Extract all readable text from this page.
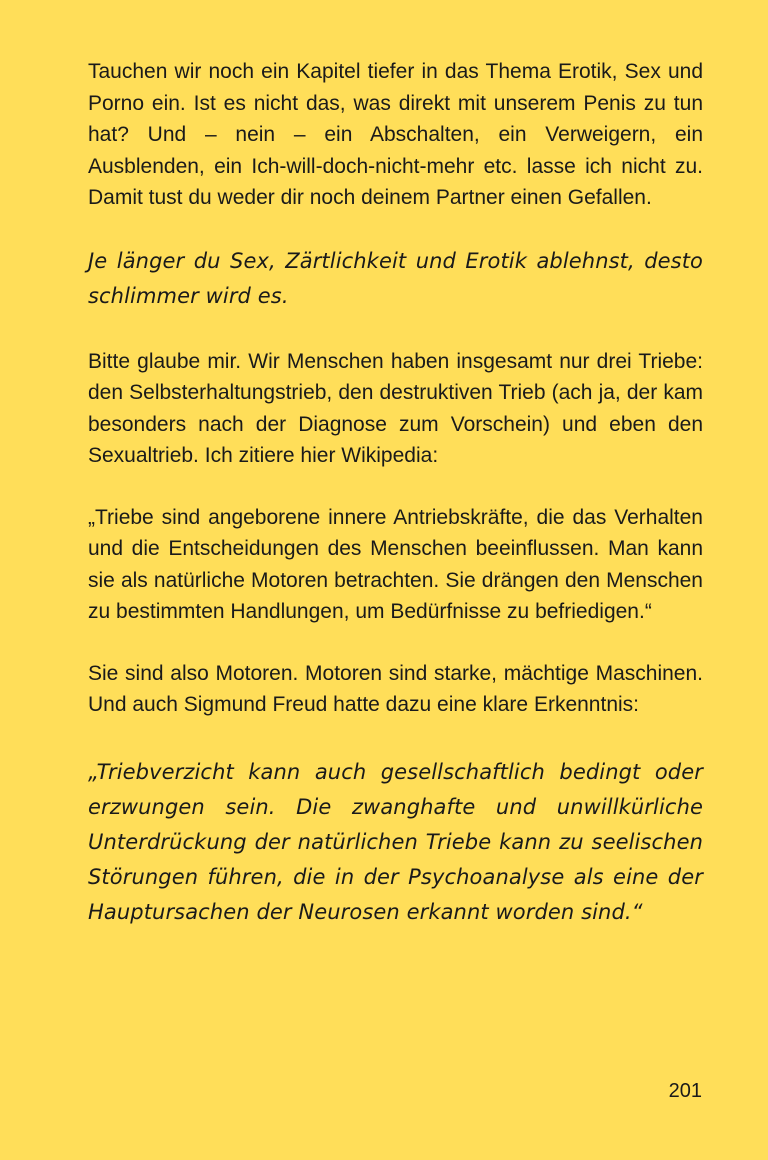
Tauchen wir noch ein Kapitel tiefer in das Thema Erotik, Sex und Porno ein. Ist es nicht das, was direkt mit unserem Penis zu tun hat? Und – nein – ein Abschalten, ein Verweigern, ein Ausblenden, ein Ich-will-doch-nicht-mehr etc. lasse ich nicht zu. Damit tust du weder dir noch deinem Partner einen Gefallen.

Je länger du Sex, Zärtlichkeit und Erotik ablehnst, desto schlimmer wird es.

Bitte glaube mir. Wir Menschen haben insgesamt nur drei Triebe: den Selbsterhaltungstrieb, den destruktiven Trieb (ach ja, der kam besonders nach der Diagnose zum Vorschein) und eben den Sexualtrieb. Ich zitiere hier Wikipedia:

„Triebe sind angeborene innere Antriebskräfte, die das Verhalten und die Entscheidungen des Menschen beeinflussen. Man kann sie als natürliche Motoren betrachten. Sie drängen den Menschen zu bestimmten Handlungen, um Bedürfnisse zu befriedigen.“

Sie sind also Motoren. Motoren sind starke, mächtige Maschinen. Und auch Sigmund Freud hatte dazu eine klare Erkenntnis:

„Triebverzicht kann auch gesellschaftlich bedingt oder erzwungen sein. Die zwanghafte und unwillkürliche Unterdrückung der natürlichen Triebe kann zu seelischen Störungen führen, die in der Psychoanalyse als eine der Hauptursachen der Neurosen erkannt worden sind.“

201
